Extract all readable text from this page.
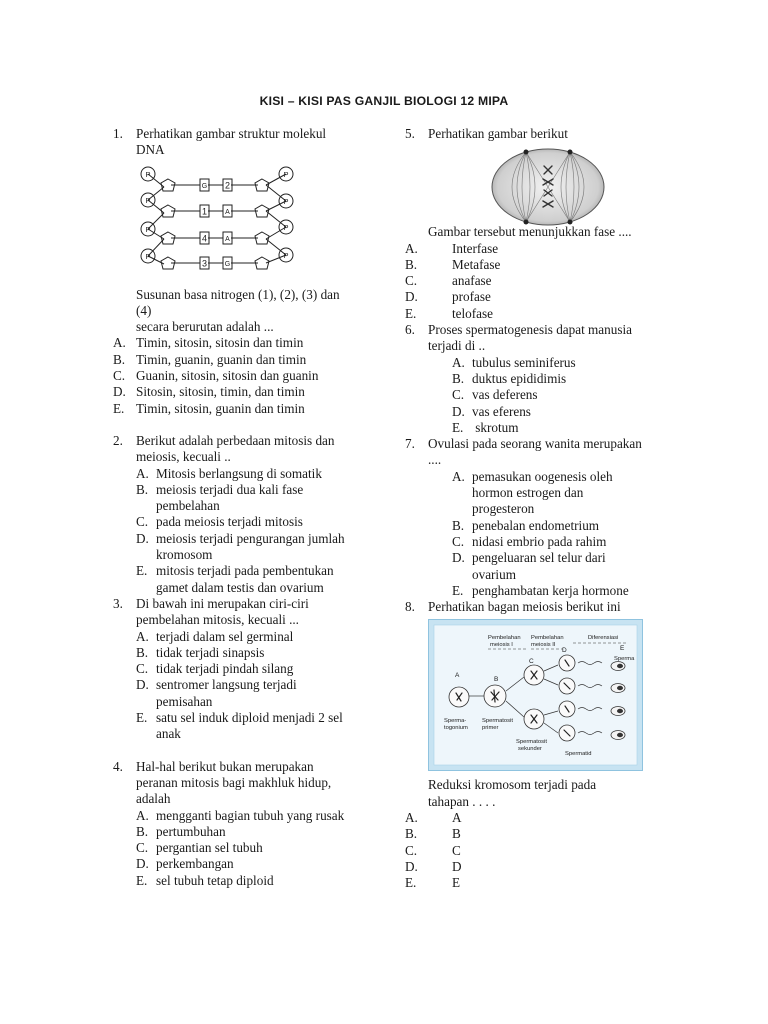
KISI – KISI PAS GANJIL BIOLOGI 12 MIPA
1. Perhatikan gambar struktur molekul
DNA
P
P
P
P
P
P
P
P
G 2
1	A
4	A
3	G
Susunan basa nitrogen (1), (2), (3) dan
(4)
secara berurutan adalah ...
A. Timin, sitosin, sitosin dan timin
B. Timin, guanin, guanin dan timin
C. Guanin, sitosin, sitosin dan guanin
D. Sitosin, sitosin, timin, dan timin
E. Timin, sitosin, guanin dan timin
2. Berikut adalah perbedaan mitosis dan
meiosis, kecuali ..
A. Mitosis berlangsung di somatik
B. meiosis terjadi dua kali fase
pembelahan
C. pada meiosis terjadi mitosis
D. meiosis terjadi pengurangan jumlah
kromosom
E. mitosis terjadi pada pembentukan
gamet dalam testis dan ovarium
3. Di bawah ini merupakan ciri-ciri
pembelahan mitosis, kecuali ...
A. terjadi dalam sel germinal
B. tidak terjadi sinapsis
C. tidak terjadi pindah silang
D. sentromer langsung terjadi
pemisahan
E. satu sel induk diploid menjadi 2 sel
anak
4. Hal-hal berikut bukan merupakan
peranan mitosis bagi makhluk hidup,
adalah
A. mengganti bagian tubuh yang rusak
B. pertumbuhan
C. pergantian sel tubuh
D. perkembangan
E. sel tubuh tetap diploid
5. Perhatikan gambar berikut
Gambar tersebut menunjukkan fase ....
A.	Interfase
B.	Metafase
C.	anafase
D.	profase
E.	telofase
6. Proses spermatogenesis dapat manusia
terjadi di ..
A. tubulus seminiferus
B. duktus epididimis
C. vas deferens
D. vas eferens
E. skrotum
7. Ovulasi pada seorang wanita merupakan
....
A. pemasukan oogenesis oleh
hormon estrogen dan
progesteron
B. penebalan endometrium
C. nidasi embrio pada rahim
D. pengeluaran sel telur dari
ovarium
E. penghambatan kerja hormone
8. Perhatikan bagan meiosis berikut ini
Pembelahan
meiosis I
Pembelahan
meiosis II
Diferensiasi
A
B
C
D	E
Sperma
Sperma-
togonium
Spermatosit
primer
Spermatosit
sekunder
Spermatid
Reduksi kromosom terjadi pada
tahapan . . . .
A.	A
B.	B
C.	C
D.	D
E.	E
